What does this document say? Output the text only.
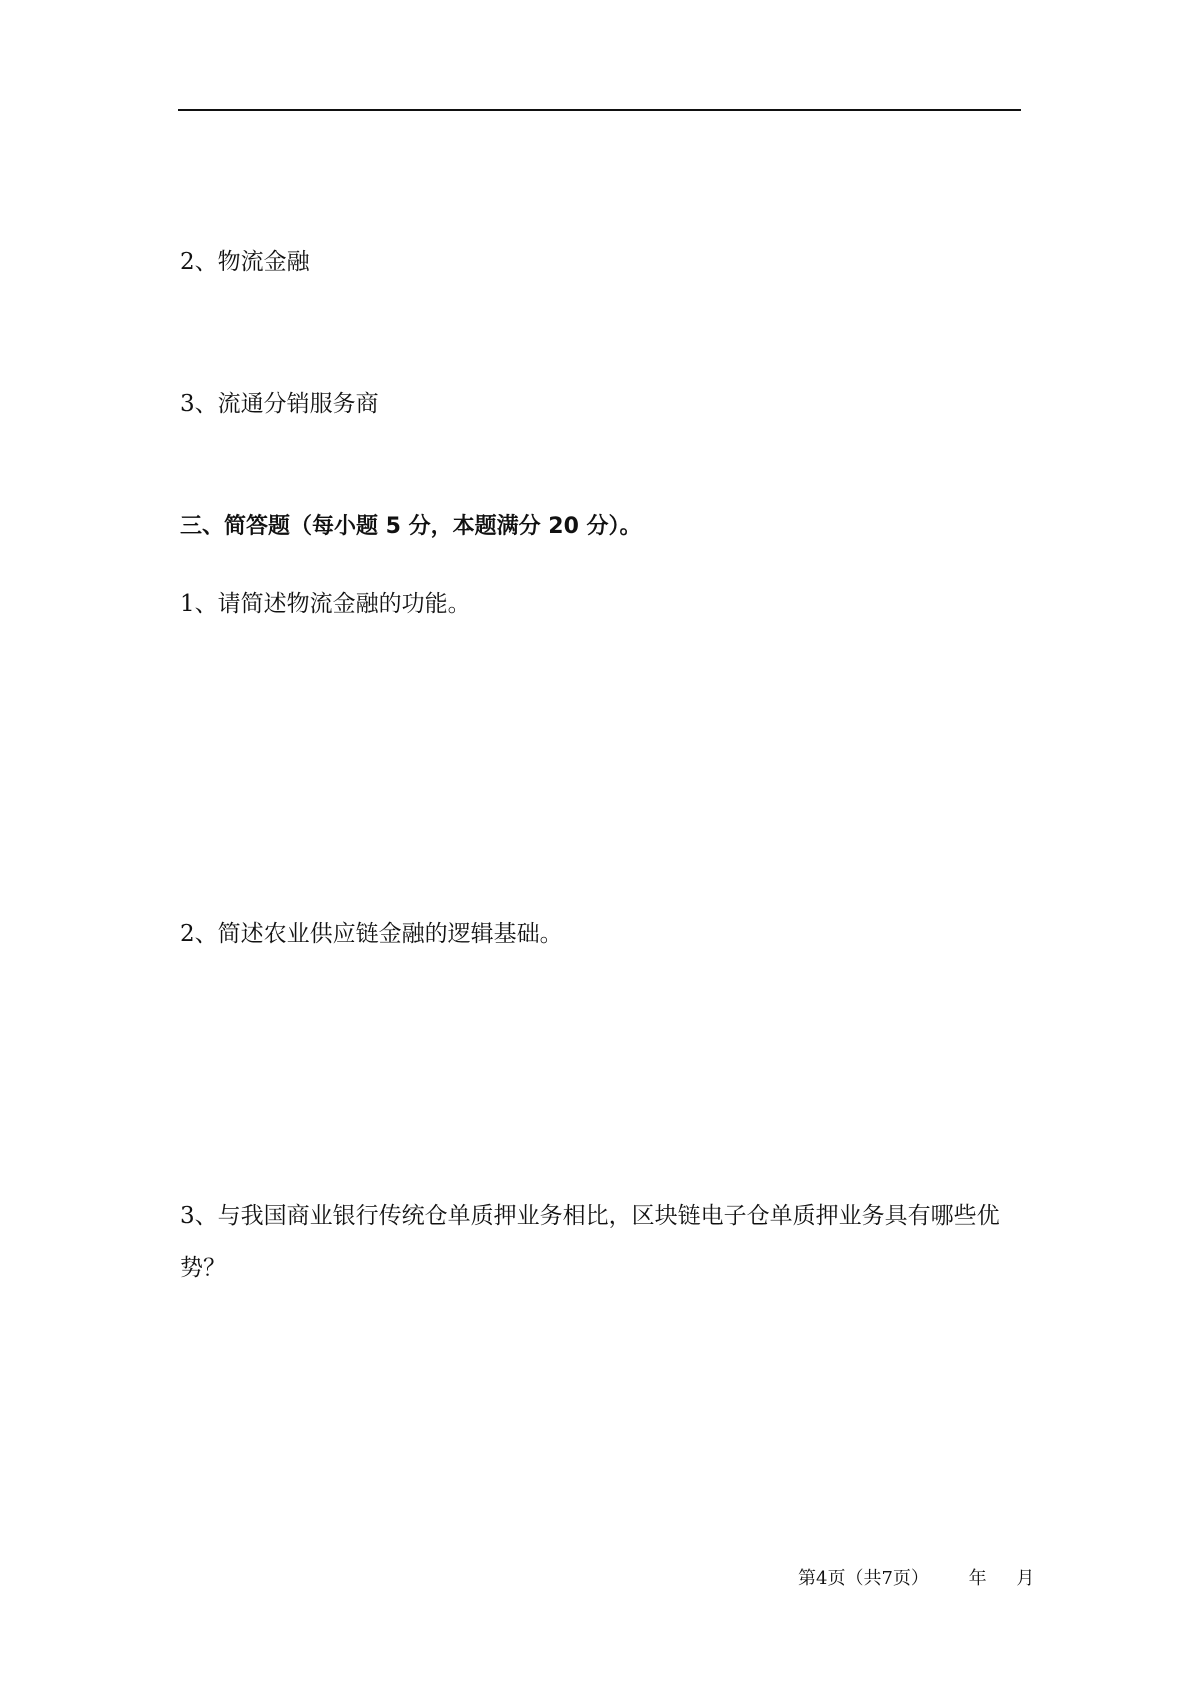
2、物流金融
3、流通分销服务商
三、简答题（每小题 5 分，本题满分 20 分）。
1、请简述物流金融的功能。
2、简述农业供应链金融的逻辑基础。
3、与我国商业银行传统仓单质押业务相比，区块链电子仓单质押业务具有哪些优势？
第4页（共7页） 年 月
